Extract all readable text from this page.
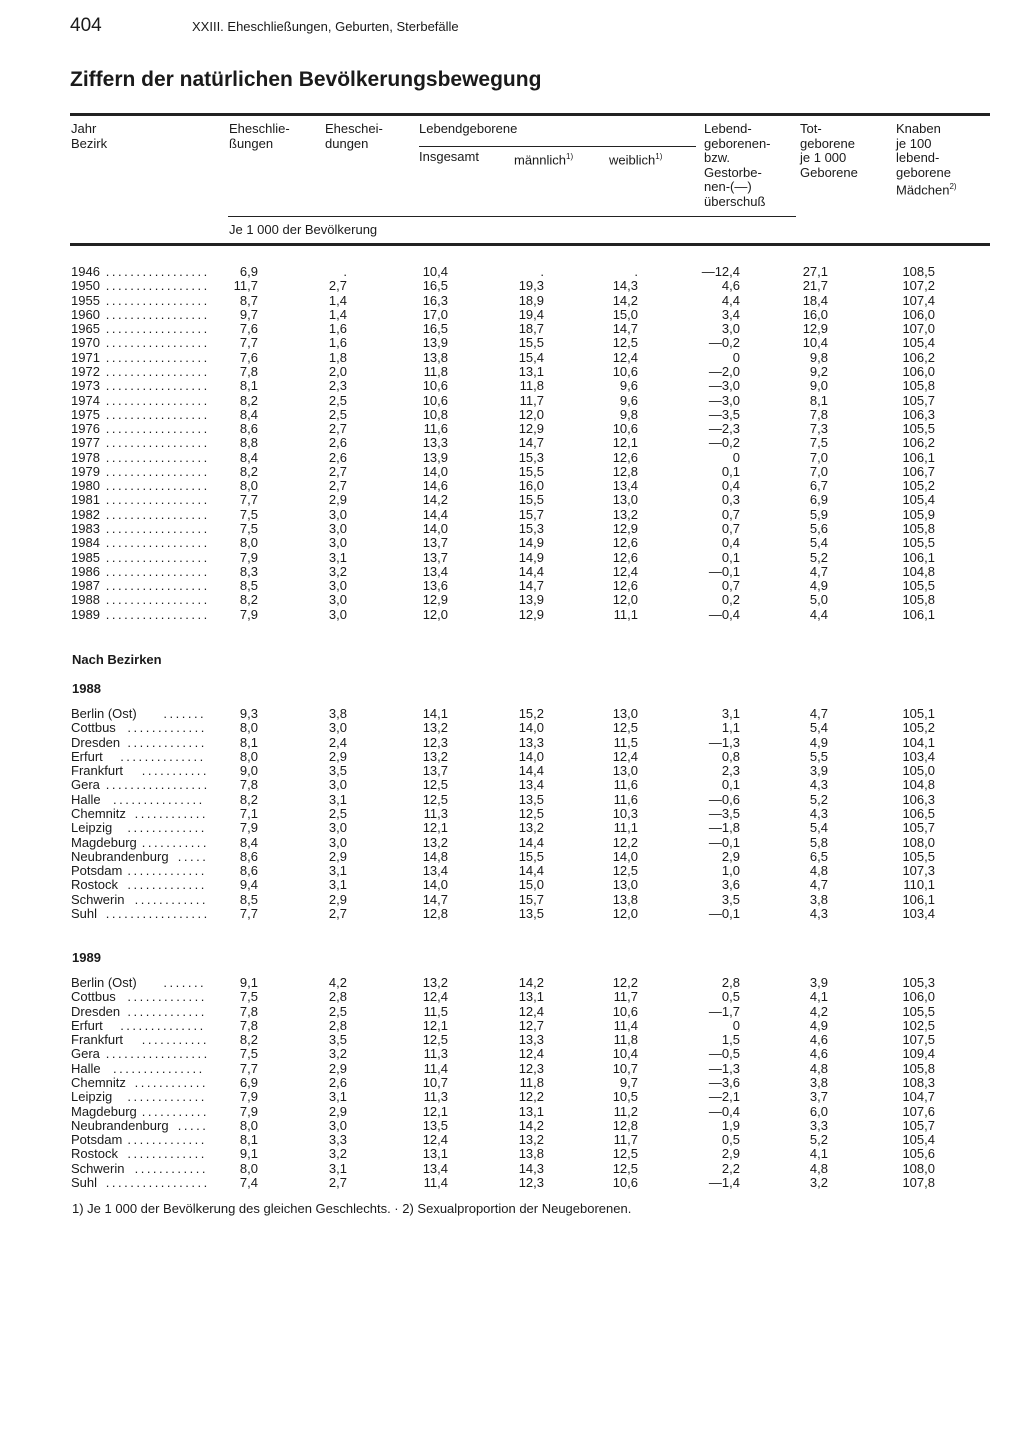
404	XXIII. Eheschließungen, Geburten, Sterbefälle
Ziffern der natürlichen Bevölkerungsbewegung
Jahr
Bezirk
Eheschlie-
ßungen
Eheschei-
dungen
Lebendgeborene
Insgesamt	männlich$^{1)}$	weiblich$^{1)}$
Lebend-
geborenen-
bzw.
Gestorbe-
nen-(—)
überschuß
Tot-
geborene
je 1 000
Geborene
Knaben
je 100
lebend-
geborene
Mädchen$^{2)}$
Je 1 000 der Bevölkerung
1946 ................. 6,9	.	10,4	.	.	—12,4	27,1	108,5
1950 ................. 11,7	2,7	16,5	19,3	14,3	4,6	21,7	107,2
1955 ................. 8,7	1,4	16,3	18,9	14,2	4,4	18,4	107,4
1960 ................. 9,7	1,4	17,0	19,4	15,0	3,4	16,0	106,0
1965 ................. 7,6	1,6	16,5	18,7	14,7	3,0	12,9	107,0
1970 ................. 7,7	1,6	13,9	15,5	12,5	—0,2	10,4	105,4
1971 ................. 7,6	1,8	13,8	15,4	12,4	0	9,8	106,2
1972 ................. 7,8	2,0	11,8	13,1	10,6	—2,0	9,2	106,0
1973 ................. 8,1	2,3	10,6	11,8	9,6	—3,0	9,0	105,8
1974 ................. 8,2	2,5	10,6	11,7	9,6	—3,0	8,1	105,7
1975 ................. 8,4	2,5	10,8	12,0	9,8	—3,5	7,8	106,3
1976 ................. 8,6	2,7	11,6	12,9	10,6	—2,3	7,3	105,5
1977 ................. 8,8	2,6	13,3	14,7	12,1	—0,2	7,5	106,2
1978 ................. 8,4	2,6	13,9	15,3	12,6	0	7,0	106,1
1979 ................. 8,2	2,7	14,0	15,5	12,8	0,1	7,0	106,7
1980 ................. 8,0	2,7	14,6	16,0	13,4	0,4	6,7	105,2
1981 ................. 7,7	2,9	14,2	15,5	13,0	0,3	6,9	105,4
1982 ................. 7,5	3,0	14,4	15,7	13,2	0,7	5,9	105,9
1983 ................. 7,5	3,0	14,0	15,3	12,9	0,7	5,6	105,8
1984 ................. 8,0	3,0	13,7	14,9	12,6	0,4	5,4	105,5
1985 ................. 7,9	3,1	13,7	14,9	12,6	0,1	5,2	106,1
1986 ................. 8,3	3,2	13,4	14,4	12,4	—0,1	4,7	104,8
1987 ................. 8,5	3,0	13,6	14,7	12,6	0,7	4,9	105,5
1988 ................. 8,2	3,0	12,9	13,9	12,0	0,2	5,0	105,8
1989 ................. 7,9	3,0	12,0	12,9	11,1	—0,4	4,4	106,1
Nach Bezirken
1988
Berlin (Ost) .......	9,3	3,8	14,1	15,2	13,0	3,1	4,7	105,1
Cottbus .............	8,0	3,0	13,2	14,0	12,5	1,1	5,4	105,2
Dresden .............	8,1	2,4	12,3	13,3	11,5	—1,3	4,9	104,1
Erfurt ..............	8,0	2,9	13,2	14,0	12,4	0,8	5,5	103,4
Frankfurt ........... 9,0	3,5	13,7	14,4	13,0	2,3	3,9	105,0
Gera ................. 7,8	3,0	12,5	13,4	11,6	0,1	4,3	104,8
Halle ...............	8,2	3,1	12,5	13,5	11,6	—0,6	5,2	106,3
Chemnitz ............ 7,1	2,5	11,3	12,5	10,3	—3,5	4,3	106,5
Leipzig .............	7,9	3,0	12,1	13,2	11,1	—1,8	5,4	105,7
Magdeburg ........... 8,4	3,0	13,2	14,4	12,2	—0,1	5,8	108,0
Neubrandenburg ..... 8,6	2,9	14,8	15,5	14,0	2,9	6,5	105,5
Potsdam .............	8,6	3,1	13,4	14,4	12,5	1,0	4,8	107,3
Rostock .............	9,4	3,1	14,0	15,0	13,0	3,6	4,7	110,1
Schwerin ............ 8,5	2,9	14,7	15,7	13,8	3,5	3,8	106,1
Suhl ................. 7,7	2,7	12,8	13,5	12,0	—0,1	4,3	103,4
1989
Berlin (Ost) .......	9,1	4,2	13,2	14,2	12,2	2,8	3,9	105,3
Cottbus .............	7,5	2,8	12,4	13,1	11,7	0,5	4,1	106,0
Dresden .............	7,8	2,5	11,5	12,4	10,6	—1,7	4,2	105,5
Erfurt ..............	7,8	2,8	12,1	12,7	11,4	0	4,9	102,5
Frankfurt ........... 8,2	3,5	12,5	13,3	11,8	1,5	4,6	107,5
Gera ................. 7,5	3,2	11,3	12,4	10,4	—0,5	4,6	109,4
Halle ...............	7,7	2,9	11,4	12,3	10,7	—1,3	4,8	105,8
Chemnitz ............ 6,9	2,6	10,7	11,8	9,7	—3,6	3,8	108,3
Leipzig .............	7,9	3,1	11,3	12,2	10,5	—2,1	3,7	104,7
Magdeburg ........... 7,9	2,9	12,1	13,1	11,2	—0,4	6,0	107,6
Neubrandenburg ..... 8,0	3,0	13,5	14,2	12,8	1,9	3,3	105,7
Potsdam .............	8,1	3,3	12,4	13,2	11,7	0,5	5,2	105,4
Rostock .............	9,1	3,2	13,1	13,8	12,5	2,9	4,1	105,6
Schwerin ............ 8,0	3,1	13,4	14,3	12,5	2,2	4,8	108,0
Suhl ................. 7,4	2,7	11,4	12,3	10,6	—1,4	3,2	107,8
1) Je 1 000 der Bevölkerung des gleichen Geschlechts. · 2) Sexualproportion der Neugeborenen.
